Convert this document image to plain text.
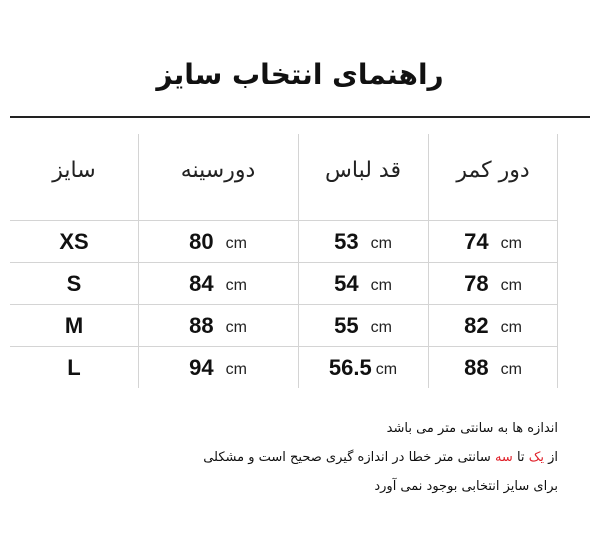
راهنمای انتخاب سایز
سایز	دورسینه	قد لباس	دور کمر
XS	80 cm	53 cm	74 cm
S	84 cm	54 cm	78 cm
M	88 cm	55 cm	82 cm
L	94 cm	56.5 cm	88 cm
اندازه ها به سانتی متر می باشد
از یک تا سه سانتی متر خطا در اندازه گیری صحیح است و مشکلی
برای سایز انتخابی بوجود نمی آورد
